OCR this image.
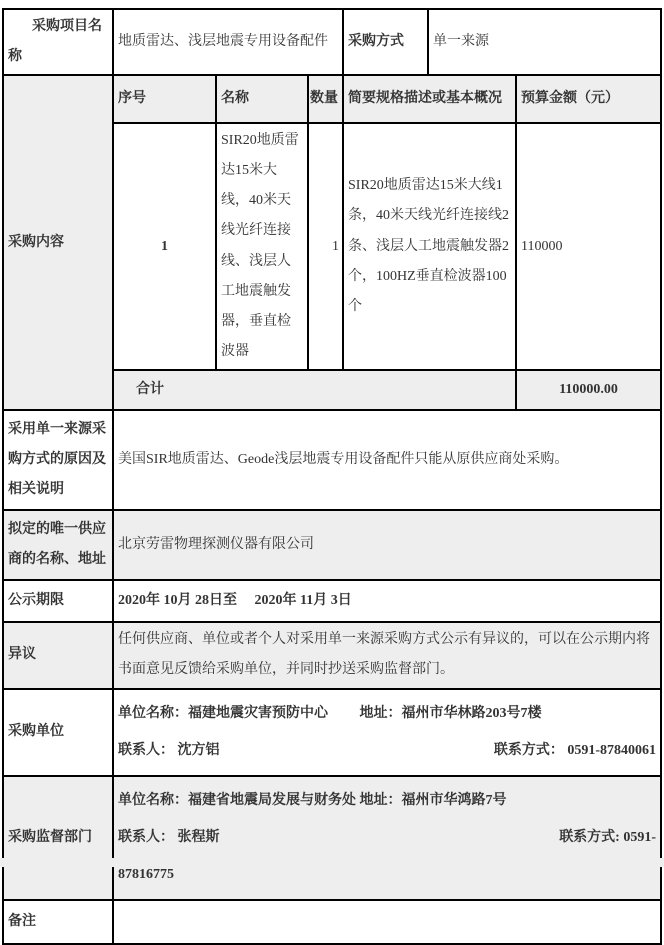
采购项目名称	地质雷达、浅层地震专用设备配件			采购方式	单一来源	
采购内容	序号	名称	数量	简要规格描述或基本概况		预算金额（元）
	1	SIR20地质雷达15米大线，40米天线光纤连接线、浅层人工地震触发器，垂直检波器	1	SIR20地质雷达15米大线1条，40米天线光纤连接线2条、浅层人工地震触发器2个，100HZ垂直检波器100个		110000
	合计					110000.00
采用单一来源采购方式的原因及相关说明	美国SIR地质雷达、Geode浅层地震专用设备配件只能从原供应商处采购。					
拟定的唯一供应商的名称、地址	北京劳雷物理探测仪器有限公司					
公示期限	2020年 10月 28日至　 2020年 11月 3日					
异议	任何供应商、单位或者个人对采用单一来源采购方式公示有异议的，可以在公示期内将书面意见反馈给采购单位，并同时抄送采购监督部门。					
采购单位	单位名称：福建地震灾害预防中心　　 地址：福州市华林路203号7楼
联系人： 沈方铝 联系方式： 0591-87840061					

采购监督部门	单位名称：福建省地震局发展与财务处 地址：福州市华鸿路7号
联系人： 张程斯 联系方式: 0591-
87816775					

备注						
